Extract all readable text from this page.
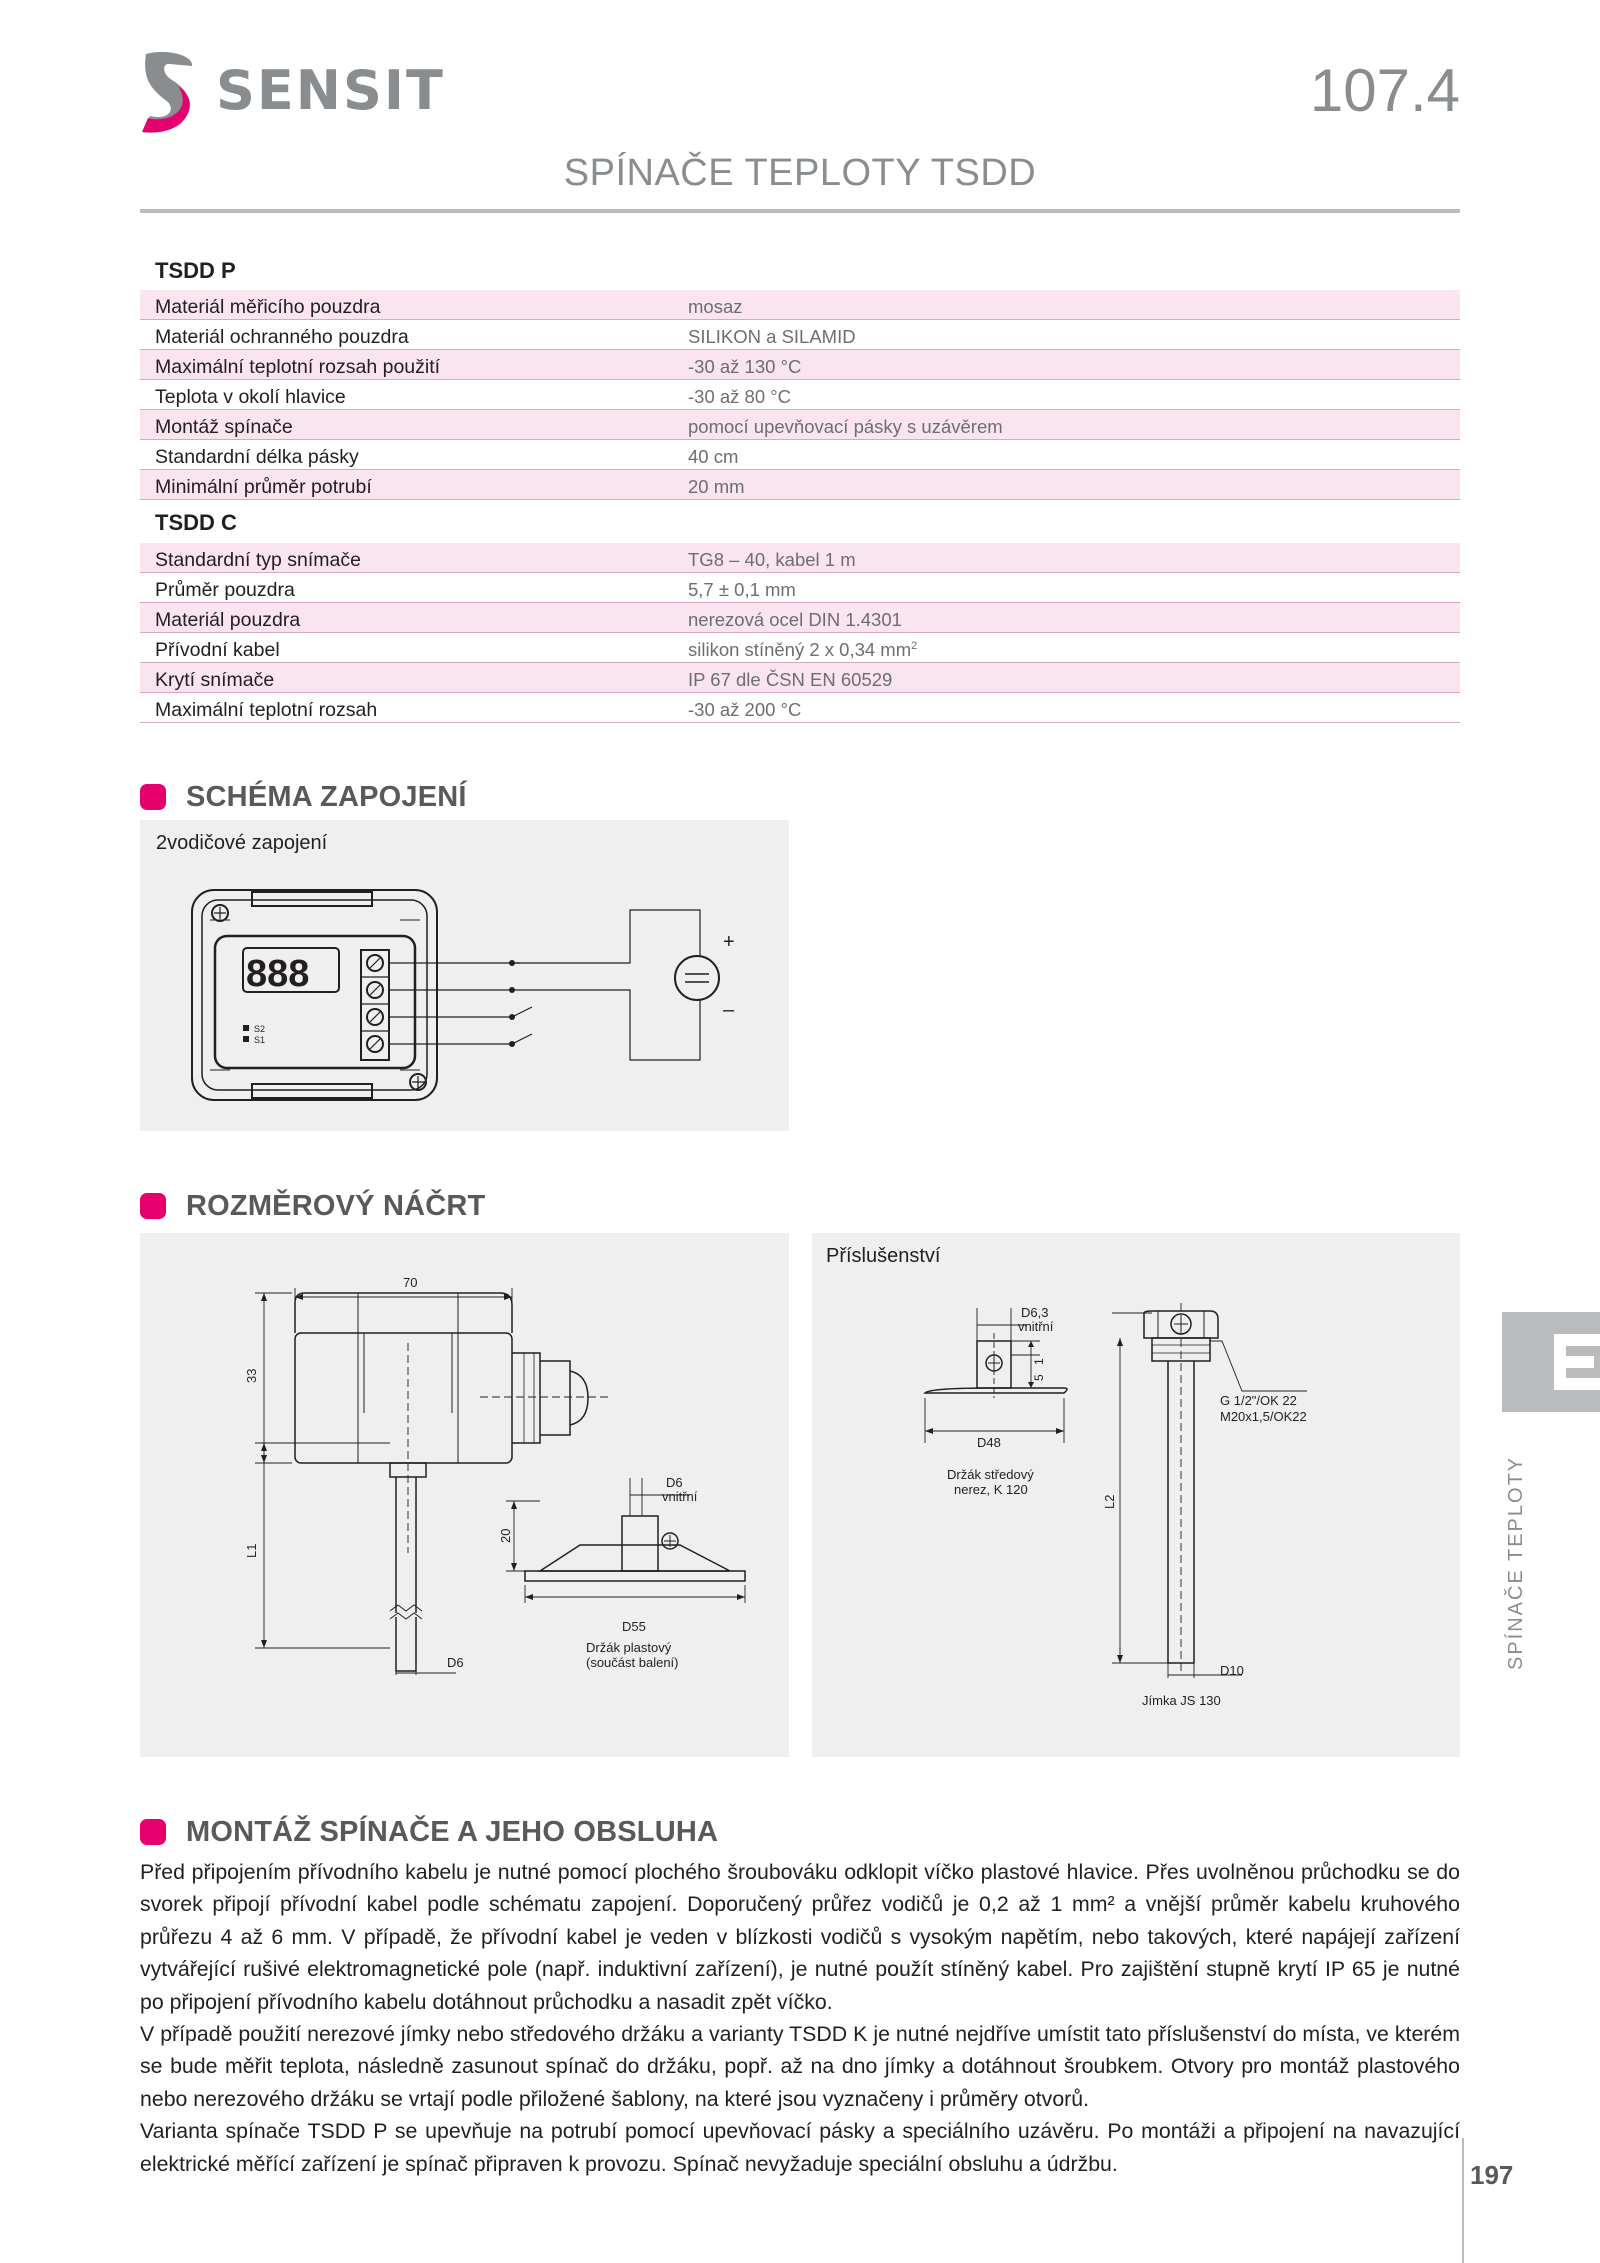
SENSIT	107.4
SPÍNAČE TEPLOTY TSDD
TSDD P
Materiál měřicího pouzdra	mosaz
Materiál ochranného pouzdra	SILIKON a SILAMID
Maximální teplotní rozsah použití	-30 až 130 °C
Teplota v okolí hlavice	-30 až 80 °C
Montáž spínače	pomocí upevňovací pásky s uzávěrem
Standardní délka pásky	40 cm
Minimální průměr potrubí	20 mm
TSDD C
Standardní typ snímače	TG8 – 40, kabel 1 m
Průměr pouzdra	5,7 ± 0,1 mm
Materiál pouzdra	nerezová ocel DIN 1.4301
Přívodní kabel	silikon stíněný 2 x 0,34 $mm^2$
Krytí snímače	IP 67 dle ČSN EN 60529
Maximální teplotní rozsah	-30 až 200 °C
SCHÉMA ZAPOJENÍ
2vodičové zapojení
888
S2
S1
+
–
ROZMĚROVÝ NÁČRT
70
33
L1
D6
D6
vnitřní
20
D55
Držák plastový
(součást balení)
Příslušenství
D6,3
vnitřní
1
5
D48
Držák středový
nerez, K 120
G 1/2"/OK 22
M20x1,5/OK22
L2
D10
Jímka JS 130
MONTÁŽ SPÍNAČE A JEHO OBSLUHA

Před připojením přívodního kabelu je nutné pomocí plochého šroubováku odklopit víčko plastové hlavice. Přes uvolněnou průchodku se do svorek připojí přívodní kabel podle schématu zapojení. Doporučený průřez vodičů je 0,2 až 1 mm² a vnější průměr kabelu kruhového průřezu 4 až 6 mm. V případě, že přívodní kabel je veden v blízkosti vodičů s vysokým napětím, nebo takových, které napájejí zařízení vytvářející rušivé elektromagnetické pole (např. induktivní zařízení), je nutné použít stíněný kabel. Pro zajištění stupně krytí IP 65 je nutné po připojení přívodního kabelu dotáhnout průchodku a nasadit zpět víčko.

V případě použití nerezové jímky nebo středového držáku a varianty TSDD K je nutné nejdříve umístit tato příslušenství do místa, ve kterém se bude měřit teplota, následně zasunout spínač do držáku, popř. až na dno jímky a dotáhnout šroubkem. Otvory pro montáž plastového nebo nerezového držáku se vrtají podle přiložené šablony, na které jsou vyznačeny i průměry otvorů.

Varianta spínače TSDD P se upevňuje na potrubí pomocí upevňovací pásky a speciálního uzávěru. Po montáži a připojení na navazující elektrické měřící zařízení je spínač připraven k provozu. Spínač nevyžaduje speciální obsluhu a údržbu.

SPÍNAČE TEPLOTY
197
